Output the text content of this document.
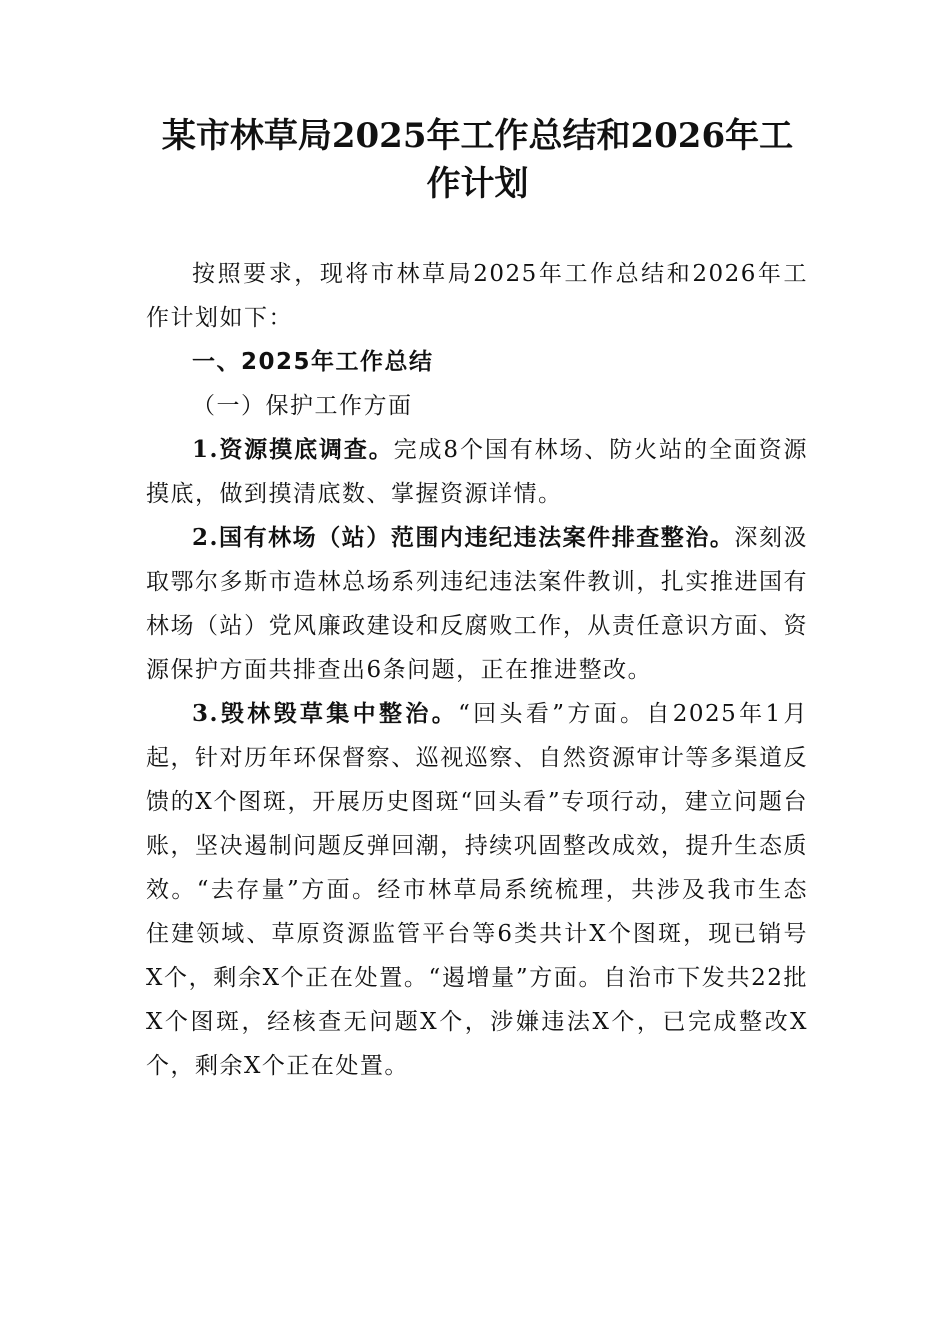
某市林草局2025年工作总结和2026年工作计划

按照要求，现将市林草局2025年工作总结和2026年工作计划如下：

一、2025年工作总结

（一）保护工作方面

1.资源摸底调查。完成8个国有林场、防火站的全面资源摸底，做到摸清底数、掌握资源详情。

2.国有林场（站）范围内违纪违法案件排查整治。深刻汲取鄂尔多斯市造林总场系列违纪违法案件教训，扎实推进国有林场（站）党风廉政建设和反腐败工作，从责任意识方面、资源保护方面共排查出6条问题，正在推进整改。

3.毁林毁草集中整治。“回头看”方面。自2025年1月起，针对历年环保督察、巡视巡察、自然资源审计等多渠道反馈的X个图斑，开展历史图斑“回头看”专项行动，建立问题台账，坚决遏制问题反弹回潮，持续巩固整改成效，提升生态质效。“去存量”方面。经市林草局系统梳理，共涉及我市生态住建领域、草原资源监管平台等6类共计X个图斑，现已销号X个，剩余X个正在处置。“遏增量”方面。自治市下发共22批X个图斑，经核查无问题X个，涉嫌违法X个，已完成整改X个，剩余X个正在处置。
